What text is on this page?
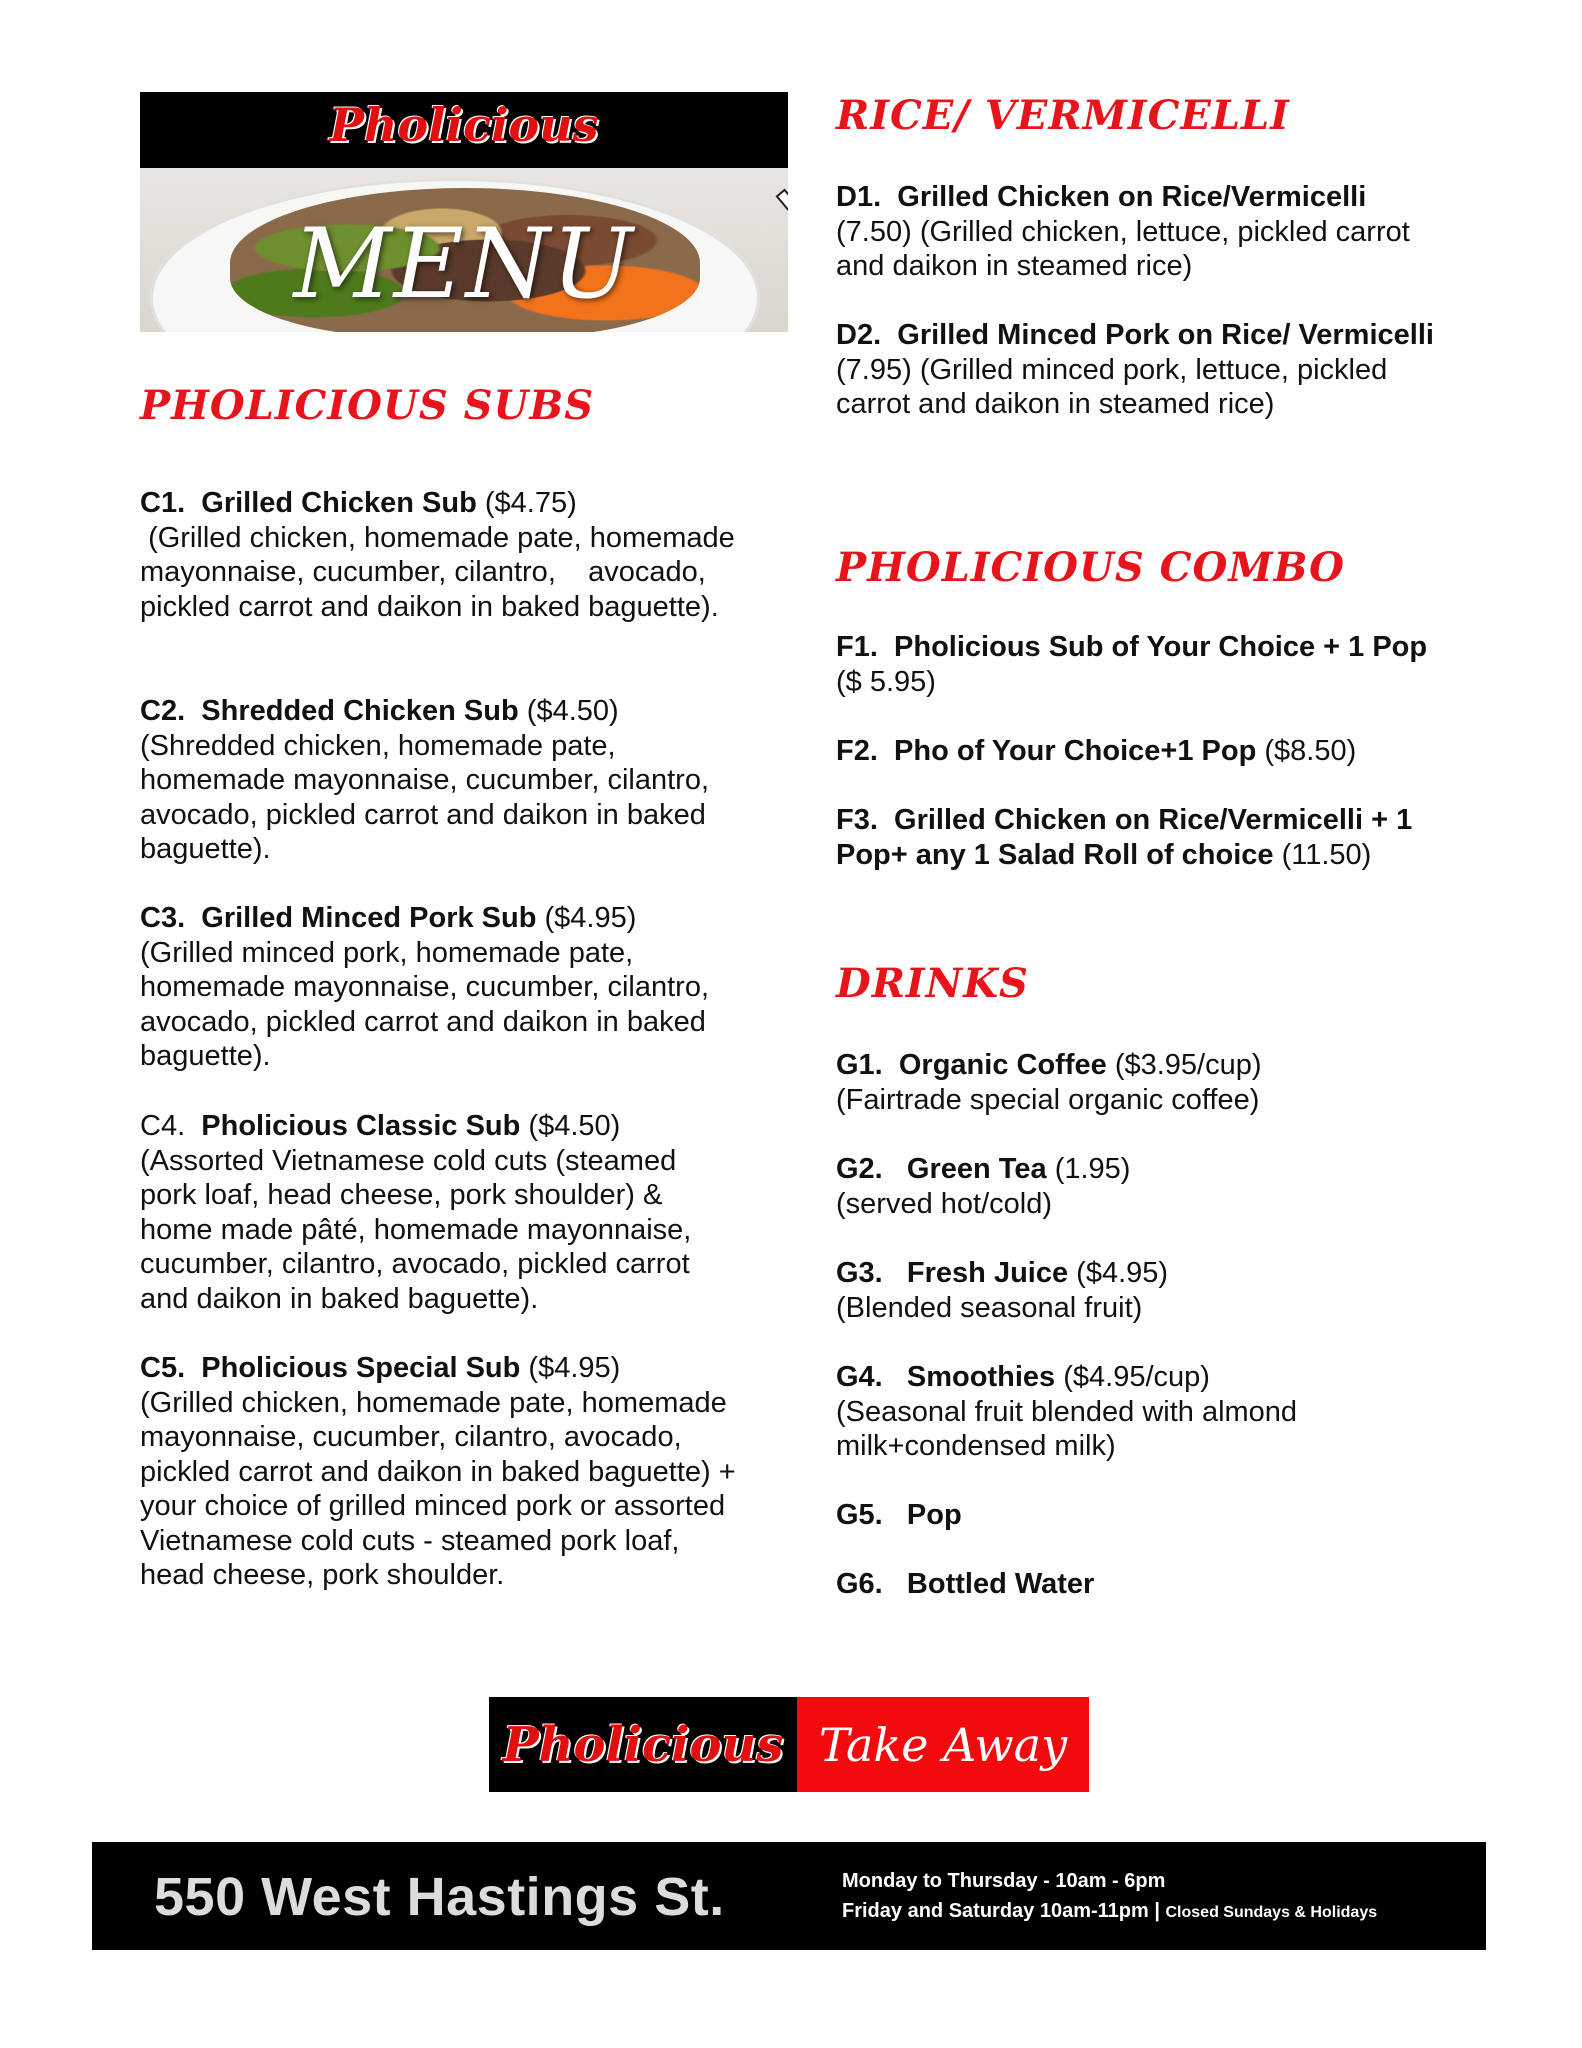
Pholicious
MENU
PHOLICIOUS SUBS
C1. Grilled Chicken Sub ($4.75)
(Grilled chicken, homemade pate, homemade mayonnaise, cucumber, cilantro,    avocado, pickled carrot and daikon in baked baguette).
C2. Shredded Chicken Sub ($4.50)
(Shredded chicken, homemade pate, homemade mayonnaise, cucumber, cilantro, avocado, pickled carrot and daikon in baked baguette).
C3. Grilled Minced Pork Sub ($4.95)
(Grilled minced pork, homemade pate, homemade mayonnaise, cucumber, cilantro, avocado, pickled carrot and daikon in baked baguette).
C4. Pholicious Classic Sub ($4.50)
(Assorted Vietnamese cold cuts (steamed pork loaf, head cheese, pork shoulder) & home made pâté, homemade mayonnaise, cucumber, cilantro, avocado, pickled carrot and daikon in baked baguette).
C5. Pholicious Special Sub ($4.95)
(Grilled chicken, homemade pate, homemade mayonnaise, cucumber, cilantro, avocado, pickled carrot and daikon in baked baguette) + your choice of grilled minced pork or assorted Vietnamese cold cuts - steamed pork loaf, head cheese, pork shoulder.
RICE/ VERMICELLI
D1. Grilled Chicken on Rice/Vermicelli
(7.50) (Grilled chicken, lettuce, pickled carrot and daikon in steamed rice)
D2. Grilled Minced Pork on Rice/ Vermicelli (7.95) (Grilled minced pork, lettuce, pickled carrot and daikon in steamed rice)
PHOLICIOUS COMBO
F1. Pholicious Sub of Your Choice + 1 Pop ($ 5.95)
F2. Pho of Your Choice+1 Pop ($8.50)
F3. Grilled Chicken on Rice/Vermicelli + 1 Pop+ any 1 Salad Roll of choice (11.50)
DRINKS
G1. Organic Coffee ($3.95/cup)
(Fairtrade special organic coffee)
G2. Green Tea (1.95)
(served hot/cold)
G3. Fresh Juice ($4.95)
(Blended seasonal fruit)
G4. Smoothies ($4.95/cup)
(Seasonal fruit blended with almond milk+condensed milk)
G5. Pop
G6. Bottled Water
Pholicious Take Away
550 West Hastings St.	Monday to Thursday - 10am - 6pm
Friday and Saturday 10am-11pm | Closed Sundays & Holidays
